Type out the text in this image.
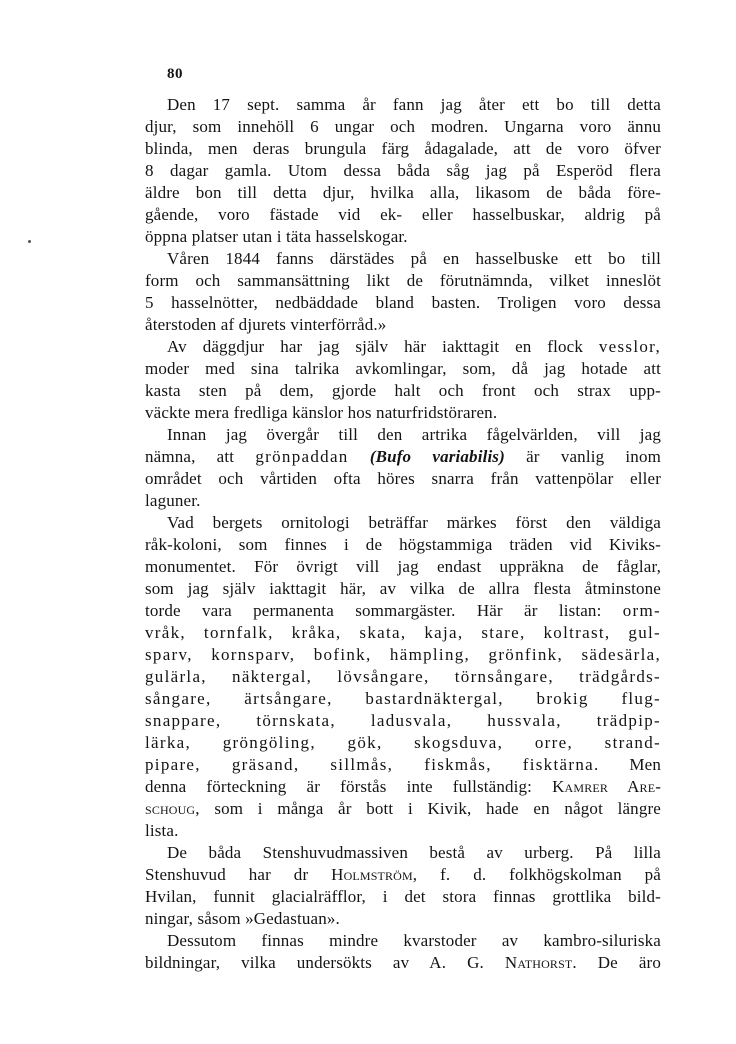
80
Den 17 sept. samma år fann jag åter ett bo till detta
djur, som innehöll 6 ungar och modren. Ungarna voro ännu
blinda, men deras brungula färg ådagalade, att de voro öfver
8 dagar gamla. Utom dessa båda såg jag på Esperöd flera
äldre bon till detta djur, hvilka alla, likasom de båda före-
gående, voro fästade vid ek- eller hasselbuskar, aldrig på
öppna platser utan i täta hasselskogar.
Våren 1844 fanns därstädes på en hasselbuske ett bo till
form och sammansättning likt de förutnämnda, vilket inneslöt
5 hasselnötter, nedbäddade bland basten. Troligen voro dessa
återstoden af djurets vinterförråd.»
Av däggdjur har jag själv här iakttagit en flock vesslor,
moder med sina talrika avkomlingar, som, då jag hotade att
kasta sten på dem, gjorde halt och front och strax upp-
väckte mera fredliga känslor hos naturfridstöraren.
Innan jag övergår till den artrika fågelvärlden, vill jag
nämna, att grönpaddan (Bufo variabilis) är vanlig inom
området och vårtiden ofta höres snarra från vattenpölar eller
laguner.
Vad bergets ornitologi beträffar märkes först den väldiga
råk-koloni, som finnes i de högstammiga träden vid Kiviks-
monumentet. För övrigt vill jag endast uppräkna de fåglar,
som jag själv iakttagit här, av vilka de allra flesta åtminstone
torde vara permanenta sommargäster. Här är listan: orm-
vråk, tornfalk, kråka, skata, kaja, stare, koltrast, gul-
sparv, kornsparv, bofink, hämpling, grönfink, sädesärla,
gulärla, näktergal, lövsångare, törnsångare, trädgårds-
sångare, ärtsångare, bastardnäktergal, brokig flug-
snappare, törnskata, ladusvala, hussvala, trädpip-
lärka, gröngöling, gök, skogsduva, orre, strand-
pipare, gräsand, sillmås, fiskmås, fisktärna. Men
denna förteckning är förstås inte fullständig: Kamrer Are-
schoug, som i många år bott i Kivik, hade en något längre
lista.
De båda Stenshuvudmassiven bestå av urberg. På lilla
Stenshuvud har dr Holmström, f. d. folkhögskolman på
Hvilan, funnit glacialräfflor, i det stora finnas grottlika bild-
ningar, såsom »Gedastuan».
Dessutom finnas mindre kvarstoder av kambro-siluriska
bildningar, vilka undersökts av A. G. Nathorst. De äro
